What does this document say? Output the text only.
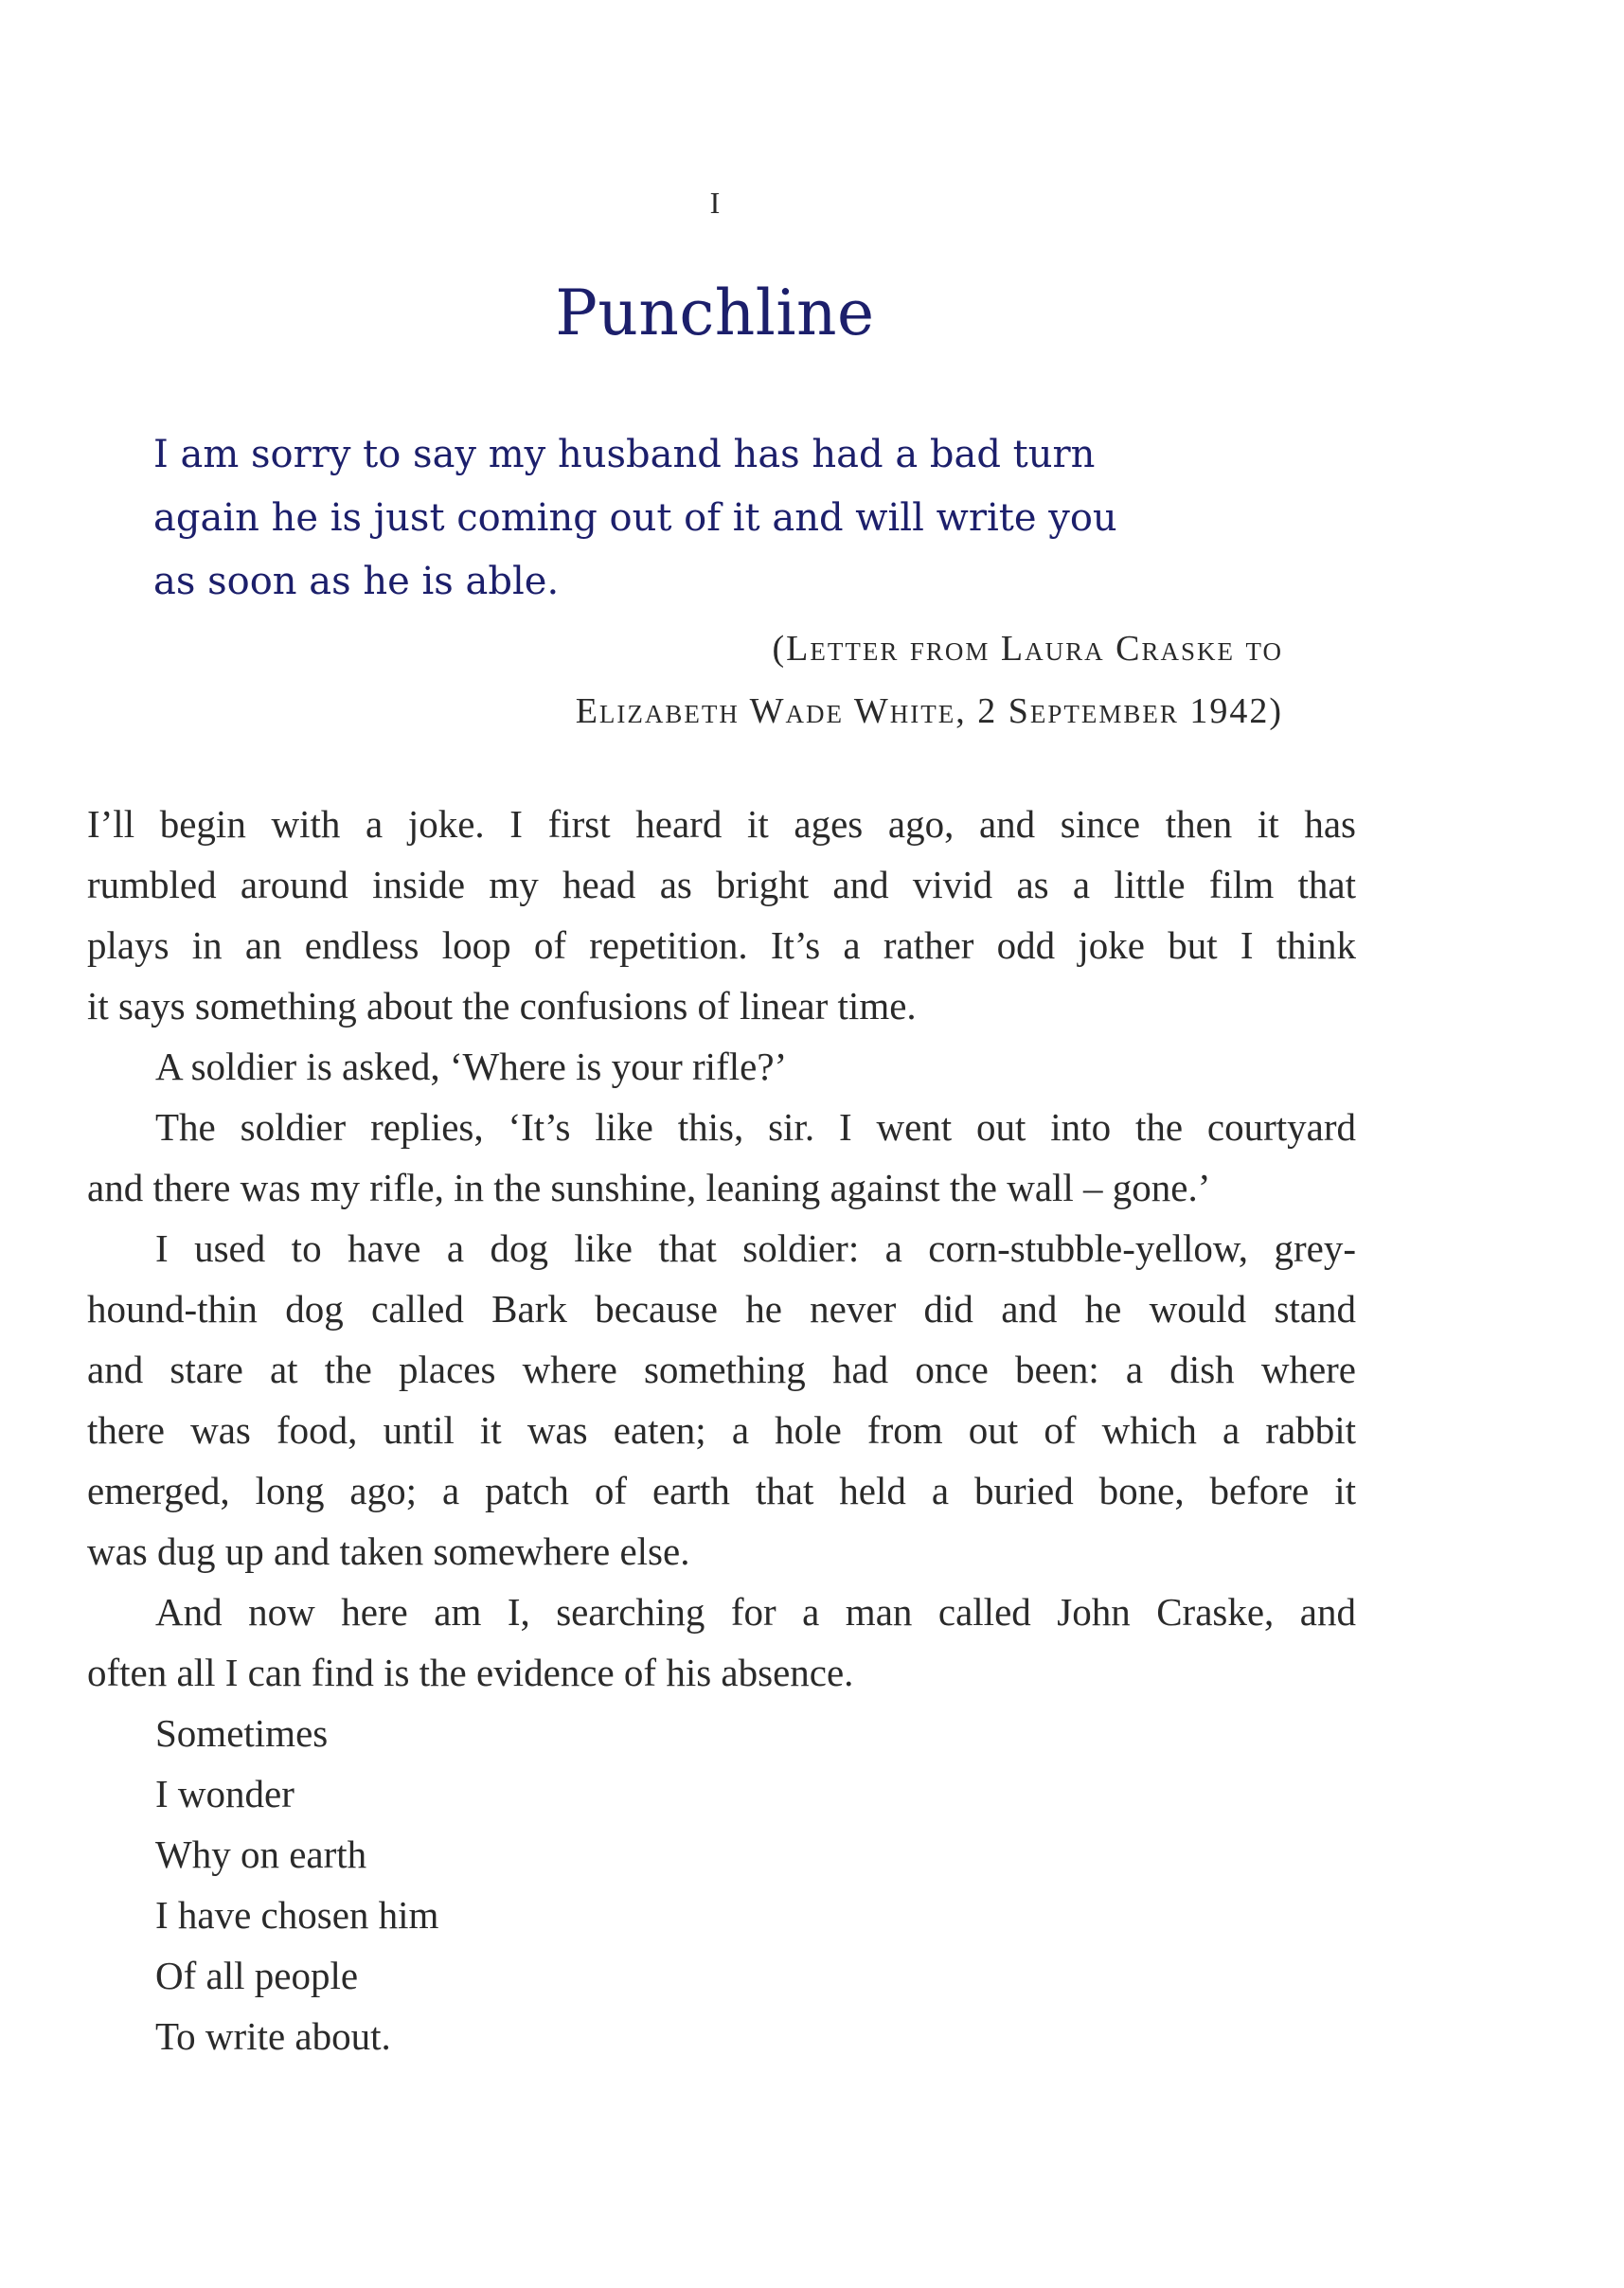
I
Punchline
I am sorry to say my husband has had a bad turn
again he is just coming out of it and will write you
as soon as he is able.
(Letter from Laura Craske to
Elizabeth Wade White, 2 September 1942)
I’ll begin with a joke. I first heard it ages ago, and since then it has
rumbled around inside my head as bright and vivid as a little film that
plays in an endless loop of repetition. It’s a rather odd joke but I think
it says something about the confusions of linear time.
A soldier is asked, ‘Where is your rifle?’
The soldier replies, ‘It’s like this, sir. I went out into the courtyard
and there was my rifle, in the sunshine, leaning against the wall – gone.’
I used to have a dog like that soldier: a corn-stubble-yellow, grey-
hound-thin dog called Bark because he never did and he would stand
and stare at the places where something had once been: a dish where
there was food, until it was eaten; a hole from out of which a rabbit
emerged, long ago; a patch of earth that held a buried bone, before it
was dug up and taken somewhere else.
And now here am I, searching for a man called John Craske, and
often all I can find is the evidence of his absence.
Sometimes
I wonder
Why on earth
I have chosen him
Of all people
To write about.
